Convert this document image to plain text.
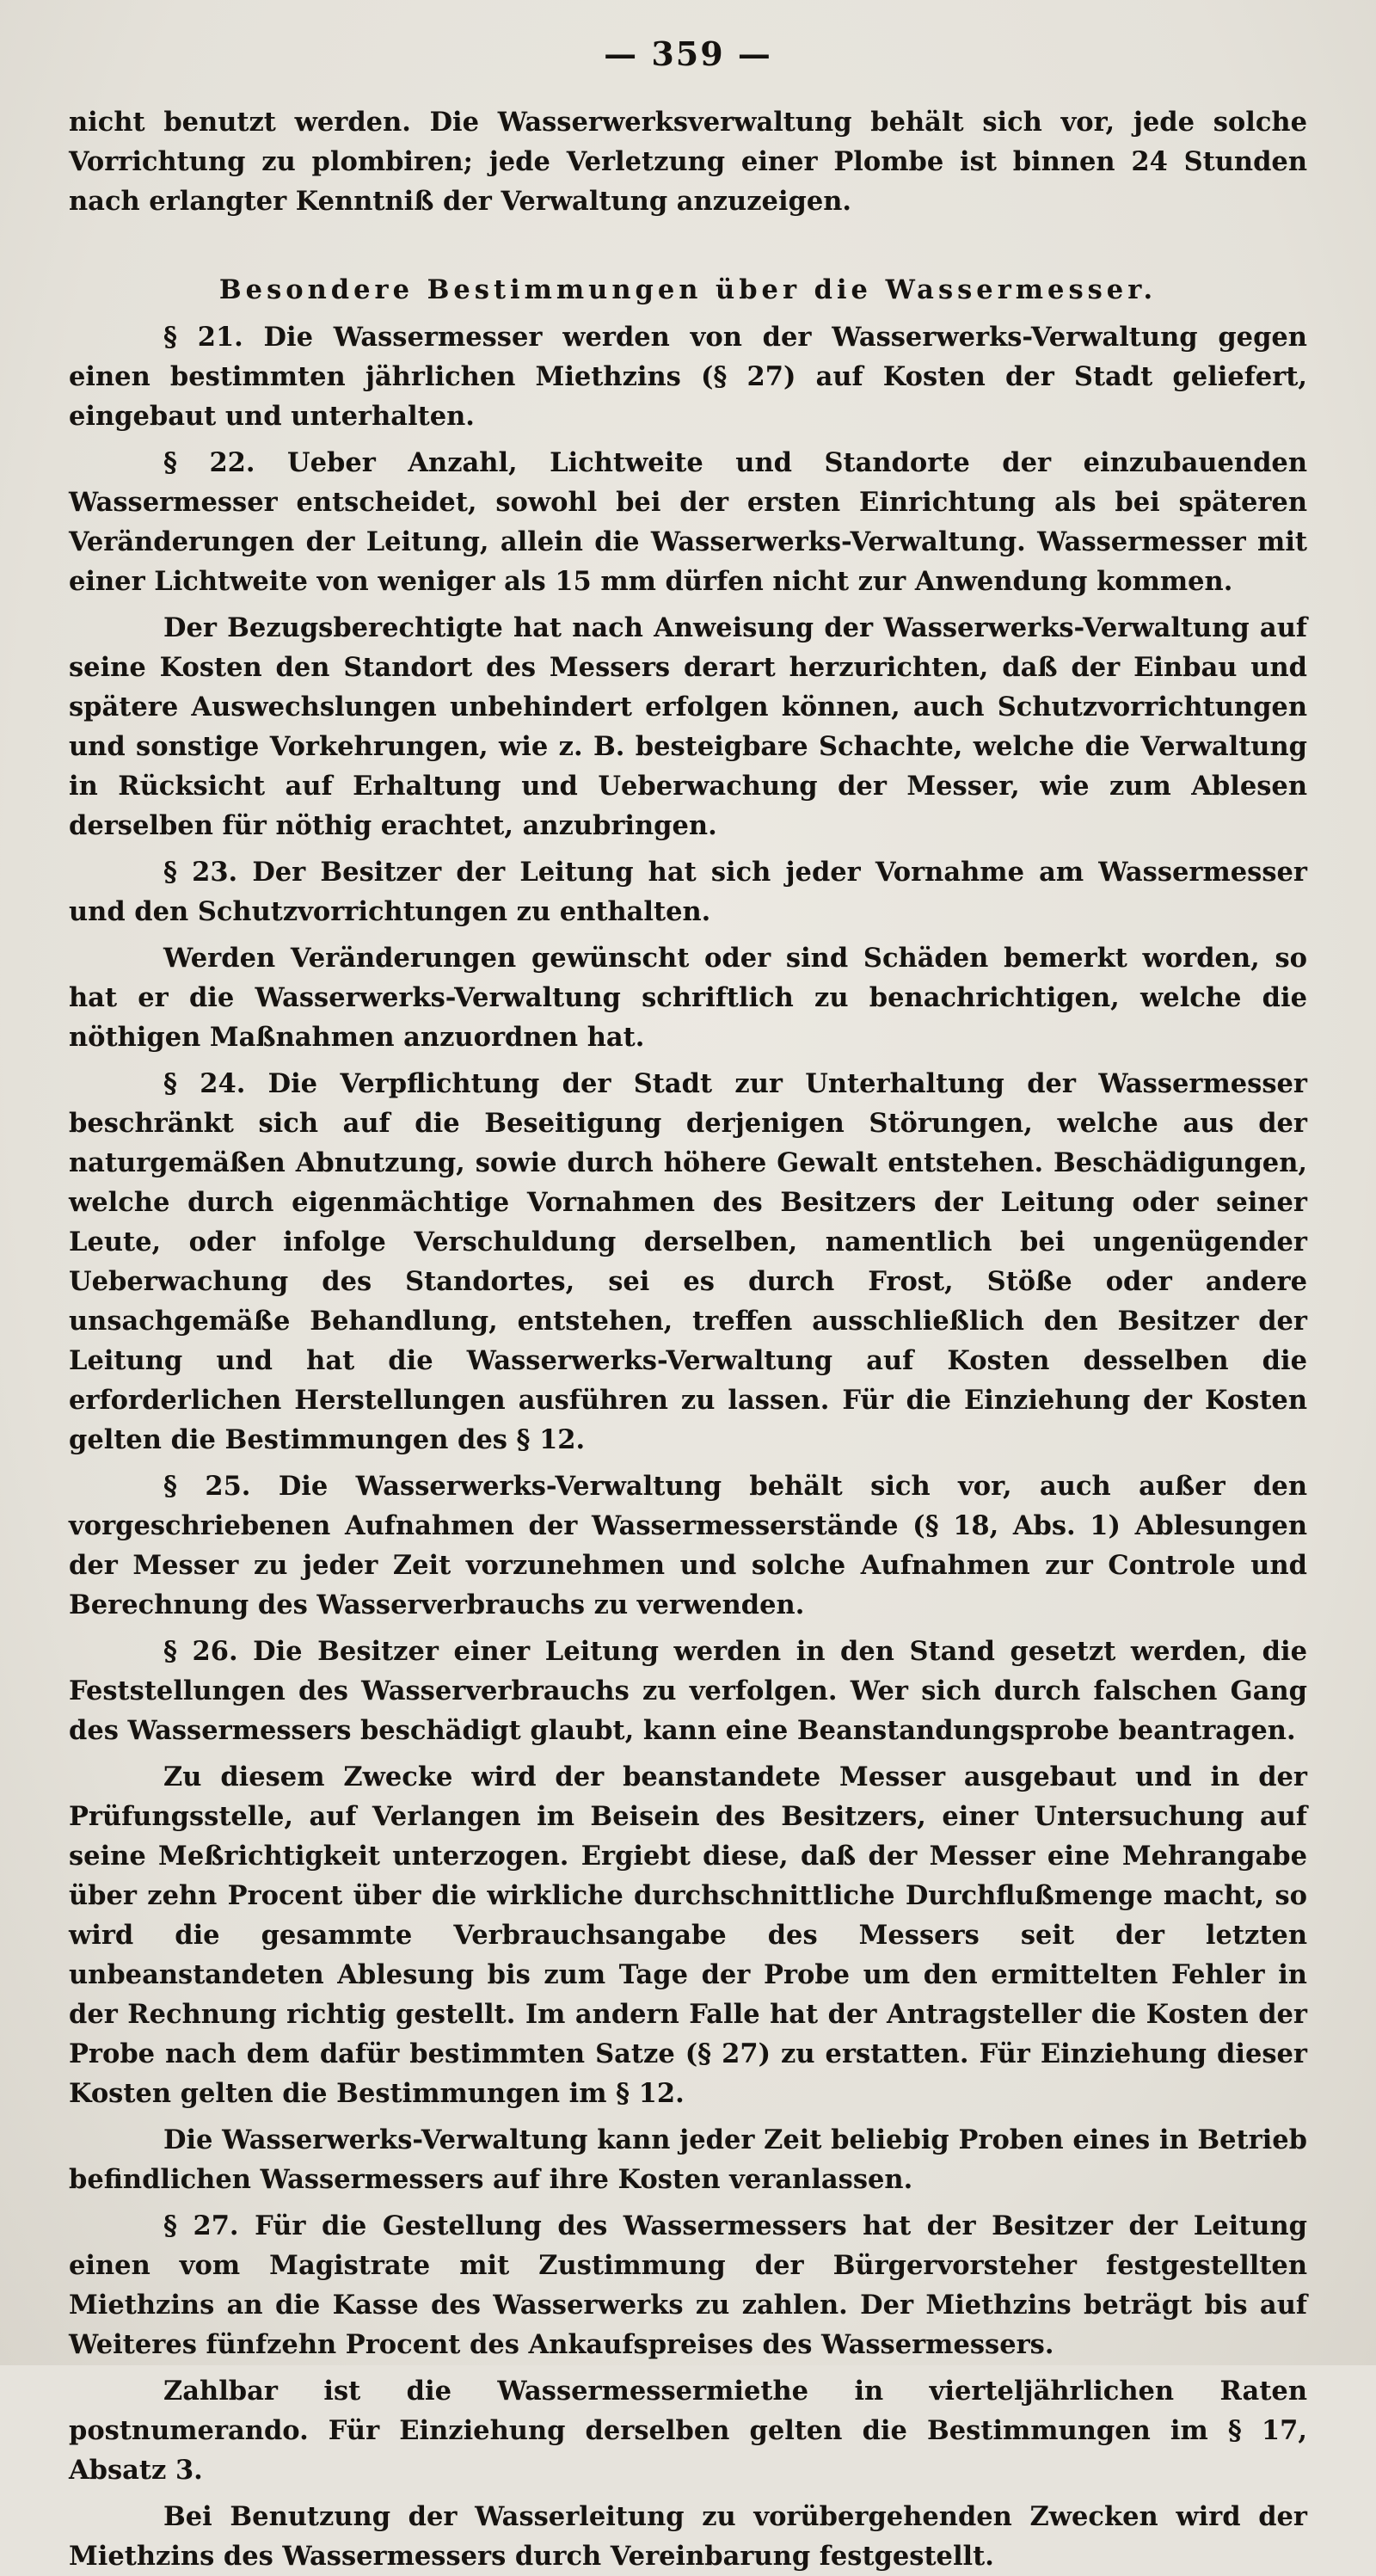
— 359 —

nicht benutzt werden. Die Wasserwerksverwaltung behält sich vor, jede solche Vorrichtung zu plombiren; jede Verletzung einer Plombe ist binnen 24 Stunden nach erlangter Kenntniß der Verwaltung anzuzeigen.

Besondere Bestimmungen über die Wassermesser.

§ 21. Die Wassermesser werden von der Wasserwerks-Verwaltung gegen einen bestimmten jährlichen Miethzins (§ 27) auf Kosten der Stadt geliefert, eingebaut und unterhalten.

§ 22. Ueber Anzahl, Lichtweite und Standorte der einzubauenden Wassermesser entscheidet, sowohl bei der ersten Einrichtung als bei späteren Veränderungen der Leitung, allein die Wasserwerks-Verwaltung. Wassermesser mit einer Lichtweite von weniger als 15 mm dürfen nicht zur Anwendung kommen.

Der Bezugsberechtigte hat nach Anweisung der Wasserwerks-Verwaltung auf seine Kosten den Standort des Messers derart herzurichten, daß der Einbau und spätere Auswechslungen unbehindert erfolgen können, auch Schutzvorrichtungen und sonstige Vorkehrungen, wie z. B. besteigbare Schachte, welche die Verwaltung in Rücksicht auf Erhaltung und Ueberwachung der Messer, wie zum Ablesen derselben für nöthig erachtet, anzubringen.

§ 23. Der Besitzer der Leitung hat sich jeder Vornahme am Wassermesser und den Schutzvorrichtungen zu enthalten.

Werden Veränderungen gewünscht oder sind Schäden bemerkt worden, so hat er die Wasserwerks-Verwaltung schriftlich zu benachrichtigen, welche die nöthigen Maßnahmen anzuordnen hat.

§ 24. Die Verpflichtung der Stadt zur Unterhaltung der Wassermesser beschränkt sich auf die Beseitigung derjenigen Störungen, welche aus der naturgemäßen Abnutzung, sowie durch höhere Gewalt entstehen. Beschädigungen, welche durch eigenmächtige Vornahmen des Besitzers der Leitung oder seiner Leute, oder infolge Verschuldung derselben, namentlich bei ungenügender Ueberwachung des Standortes, sei es durch Frost, Stöße oder andere unsachgemäße Behandlung, entstehen, treffen ausschließlich den Besitzer der Leitung und hat die Wasserwerks-Verwaltung auf Kosten desselben die erforderlichen Herstellungen ausführen zu lassen. Für die Einziehung der Kosten gelten die Bestimmungen des § 12.

§ 25. Die Wasserwerks-Verwaltung behält sich vor, auch außer den vorgeschriebenen Aufnahmen der Wassermesserstände (§ 18, Abs. 1) Ablesungen der Messer zu jeder Zeit vorzunehmen und solche Aufnahmen zur Controle und Berechnung des Wasserverbrauchs zu verwenden.

§ 26. Die Besitzer einer Leitung werden in den Stand gesetzt werden, die Feststellungen des Wasserverbrauchs zu verfolgen. Wer sich durch falschen Gang des Wassermessers beschädigt glaubt, kann eine Beanstandungsprobe beantragen.

Zu diesem Zwecke wird der beanstandete Messer ausgebaut und in der Prüfungsstelle, auf Verlangen im Beisein des Besitzers, einer Untersuchung auf seine Meßrichtigkeit unterzogen. Ergiebt diese, daß der Messer eine Mehrangabe über zehn Procent über die wirkliche durchschnittliche Durchflußmenge macht, so wird die gesammte Verbrauchsangabe des Messers seit der letzten unbeanstandeten Ablesung bis zum Tage der Probe um den ermittelten Fehler in der Rechnung richtig gestellt. Im andern Falle hat der Antragsteller die Kosten der Probe nach dem dafür bestimmten Satze (§ 27) zu erstatten. Für Einziehung dieser Kosten gelten die Bestimmungen im § 12.

Die Wasserwerks-Verwaltung kann jeder Zeit beliebig Proben eines in Betrieb befindlichen Wassermessers auf ihre Kosten veranlassen.

§ 27. Für die Gestellung des Wassermessers hat der Besitzer der Leitung einen vom Magistrate mit Zustimmung der Bürgervorsteher festgestellten Miethzins an die Kasse des Wasserwerks zu zahlen. Der Miethzins beträgt bis auf Weiteres fünfzehn Procent des Ankaufspreises des Wassermessers.

Zahlbar ist die Wassermessermiethe in vierteljährlichen Raten postnumerando. Für Einziehung derselben gelten die Bestimmungen im § 17, Absatz 3.

Bei Benutzung der Wasserleitung zu vorübergehenden Zwecken wird der Miethzins des Wassermessers durch Vereinbarung festgestellt.
